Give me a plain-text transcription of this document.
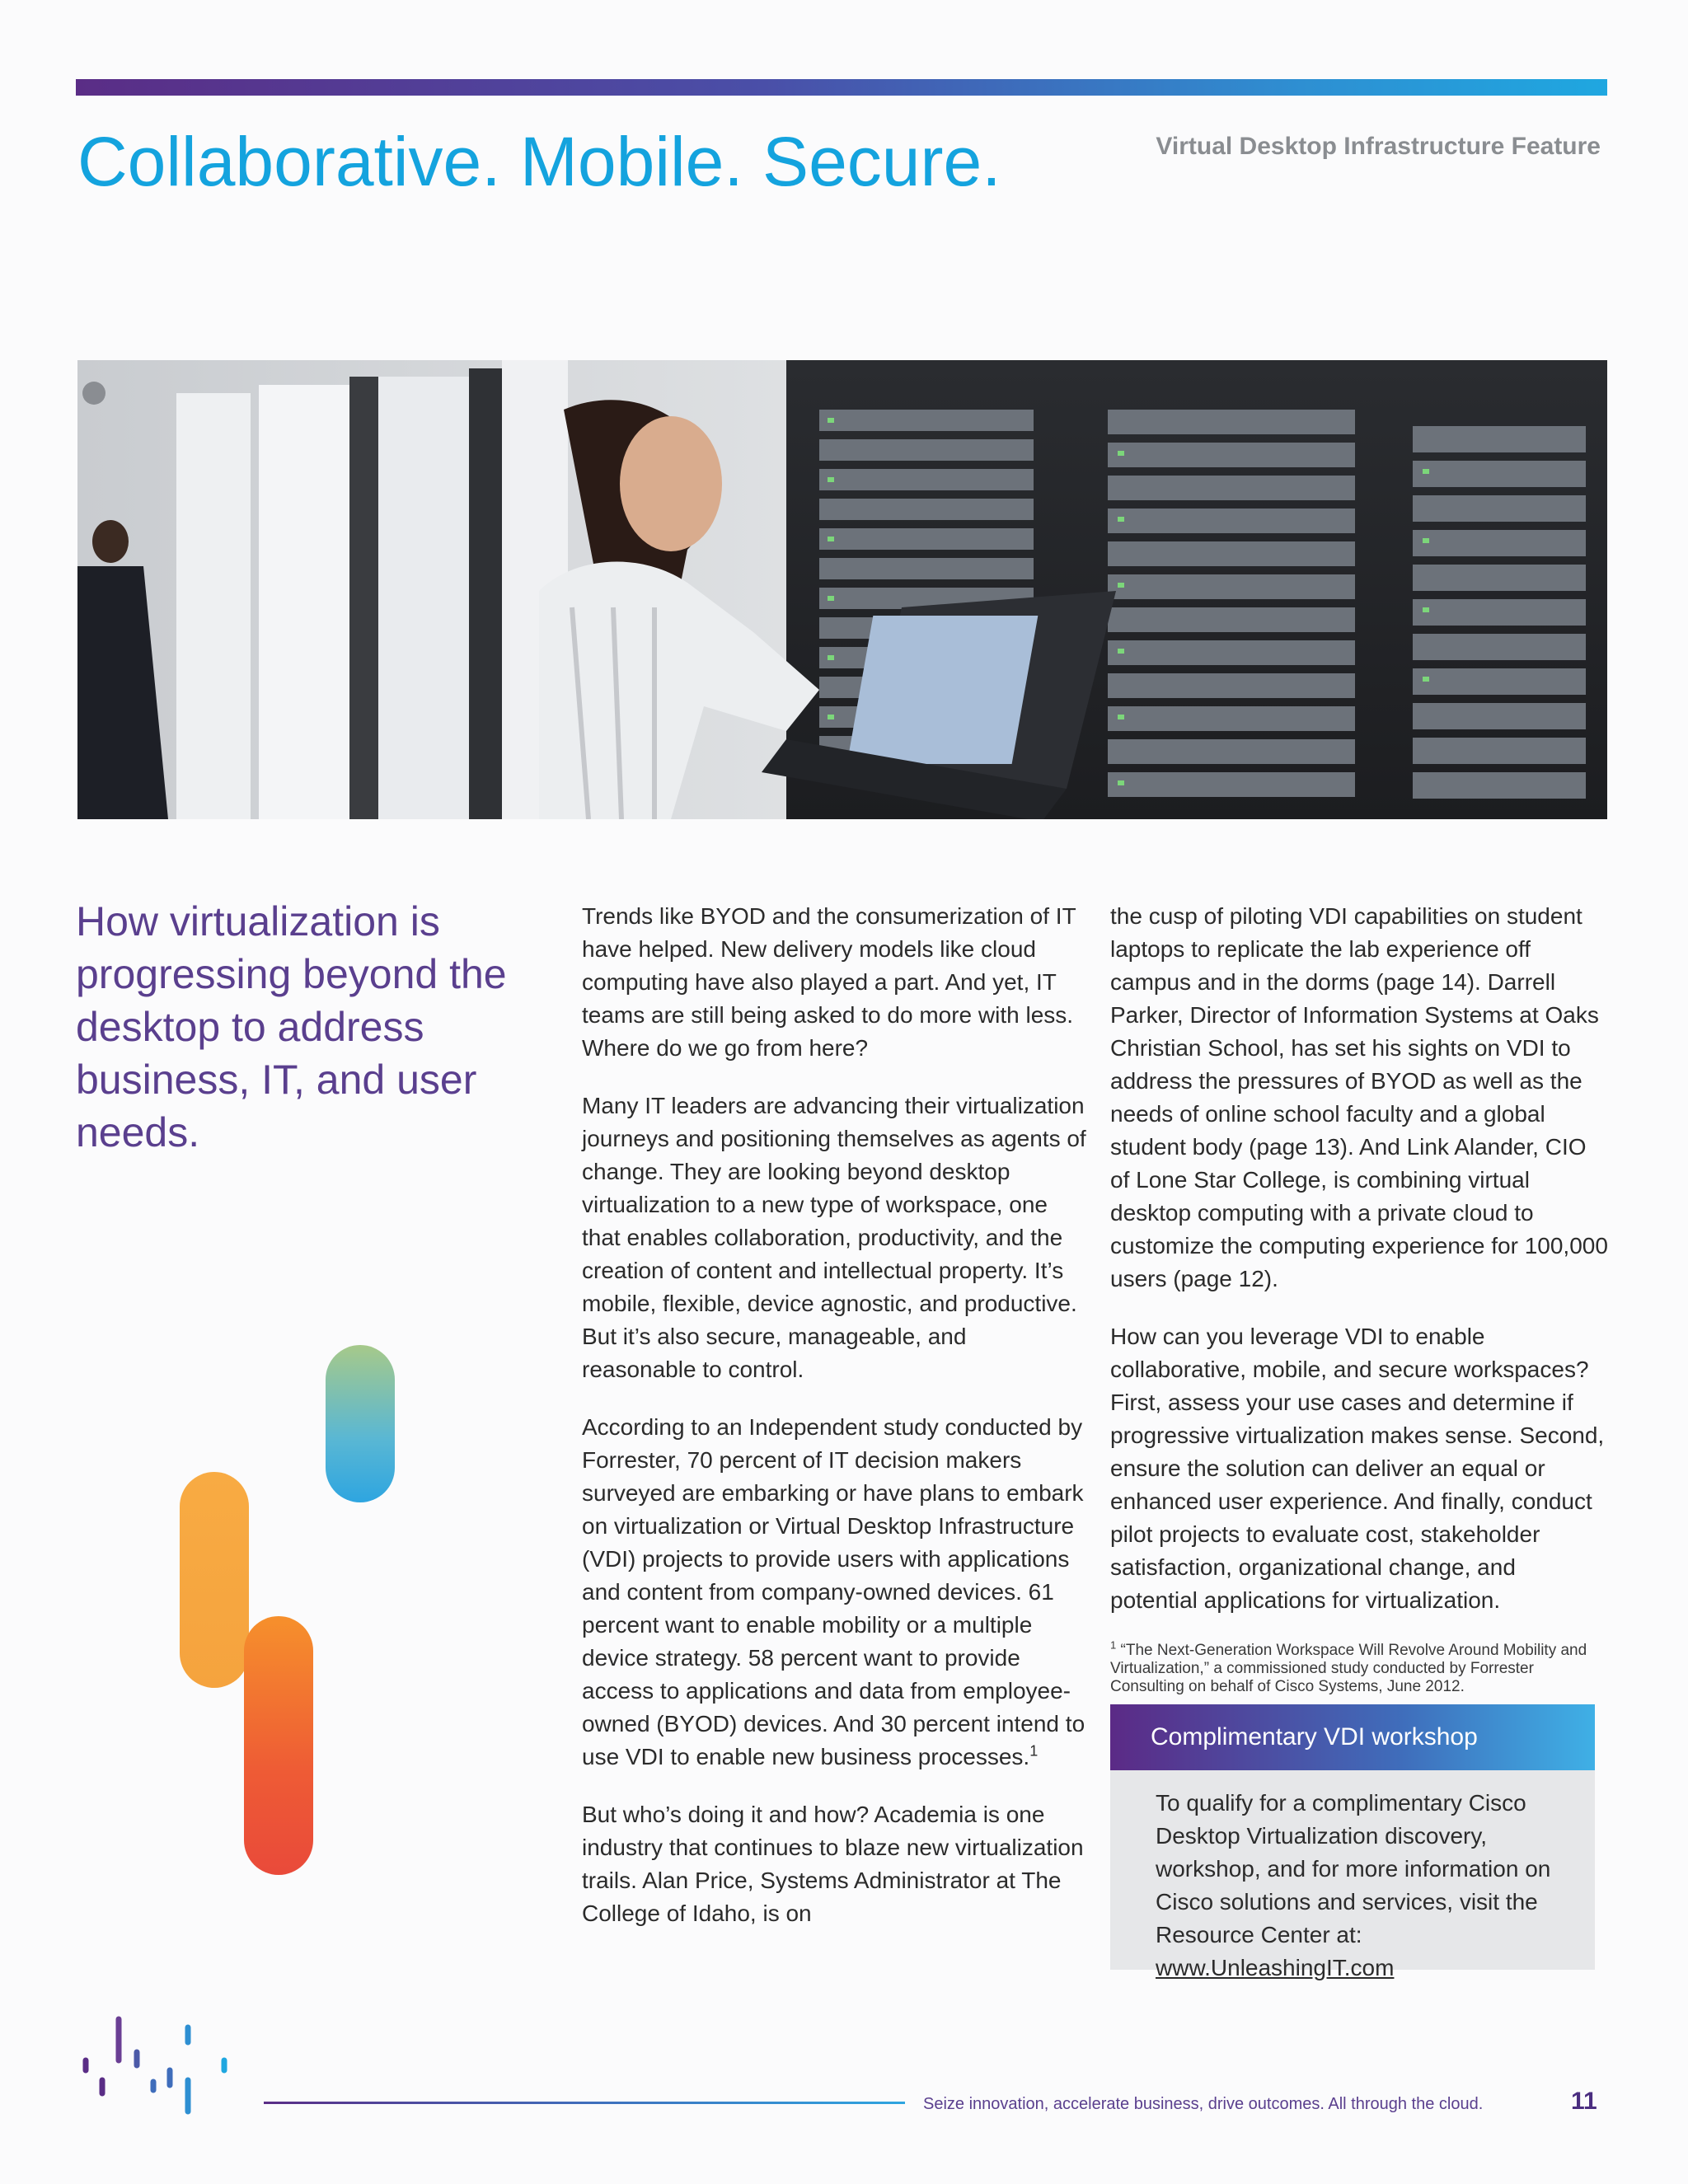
Collaborative. Mobile. Secure.	Virtual Desktop Infrastructure Feature

How virtualization is progressing beyond the desktop to address business, IT, and user needs.

Trends like BYOD and the consumerization of IT have helped. New delivery models like cloud computing have also played a part. And yet, IT teams are still being asked to do more with less. Where do we go from here?

Many IT leaders are advancing their virtualization journeys and positioning themselves as agents of change. They are looking beyond desktop virtualization to a new type of workspace, one that enables collaboration, productivity, and the creation of content and intellectual property. It’s mobile, flexible, device agnostic, and productive. But it’s also secure, manageable, and reasonable to control.

According to an Independent study conducted by Forrester, 70 percent of IT decision makers surveyed are embarking or have plans to embark on virtualization or Virtual Desktop Infrastructure (VDI) projects to provide users with applications and content from company-owned devices. 61 percent want to enable mobility or a multiple device strategy. 58 percent want to provide access to applications and data from employee-owned (BYOD) devices. And 30 percent intend to use VDI to enable new business processes.$^1$

But who’s doing it and how? Academia is one industry that continues to blaze new virtualization trails. Alan Price, Systems Administrator at The College of Idaho, is on

the cusp of piloting VDI capabilities on student laptops to replicate the lab experience off campus and in the dorms (page 14). Darrell Parker, Director of Information Systems at Oaks Christian School, has set his sights on VDI to address the pressures of BYOD as well as the needs of online school faculty and a global student body (page 13). And Link Alander, CIO of Lone Star College, is combining virtual desktop computing with a private cloud to customize the computing experience for 100,000 users (page 12).

How can you leverage VDI to enable collaborative, mobile, and secure workspaces? First, assess your use cases and determine if progressive virtualization makes sense. Second, ensure the solution can deliver an equal or enhanced user experience. And finally, conduct pilot projects to evaluate cost, stakeholder satisfaction, organizational change, and potential applications for virtualization.

$^1$ “The Next-Generation Workspace Will Revolve Around Mobility and Virtualization,” a commissioned study conducted by Forrester Consulting on behalf of Cisco Systems, June 2012.

Complimentary VDI workshop
To qualify for a complimentary Cisco Desktop Virtualization discovery, workshop, and for more information on Cisco solutions and services, visit the Resource Center at: www.UnleashingIT.com

Seize innovation, accelerate business, drive outcomes. All through the cloud.	11
